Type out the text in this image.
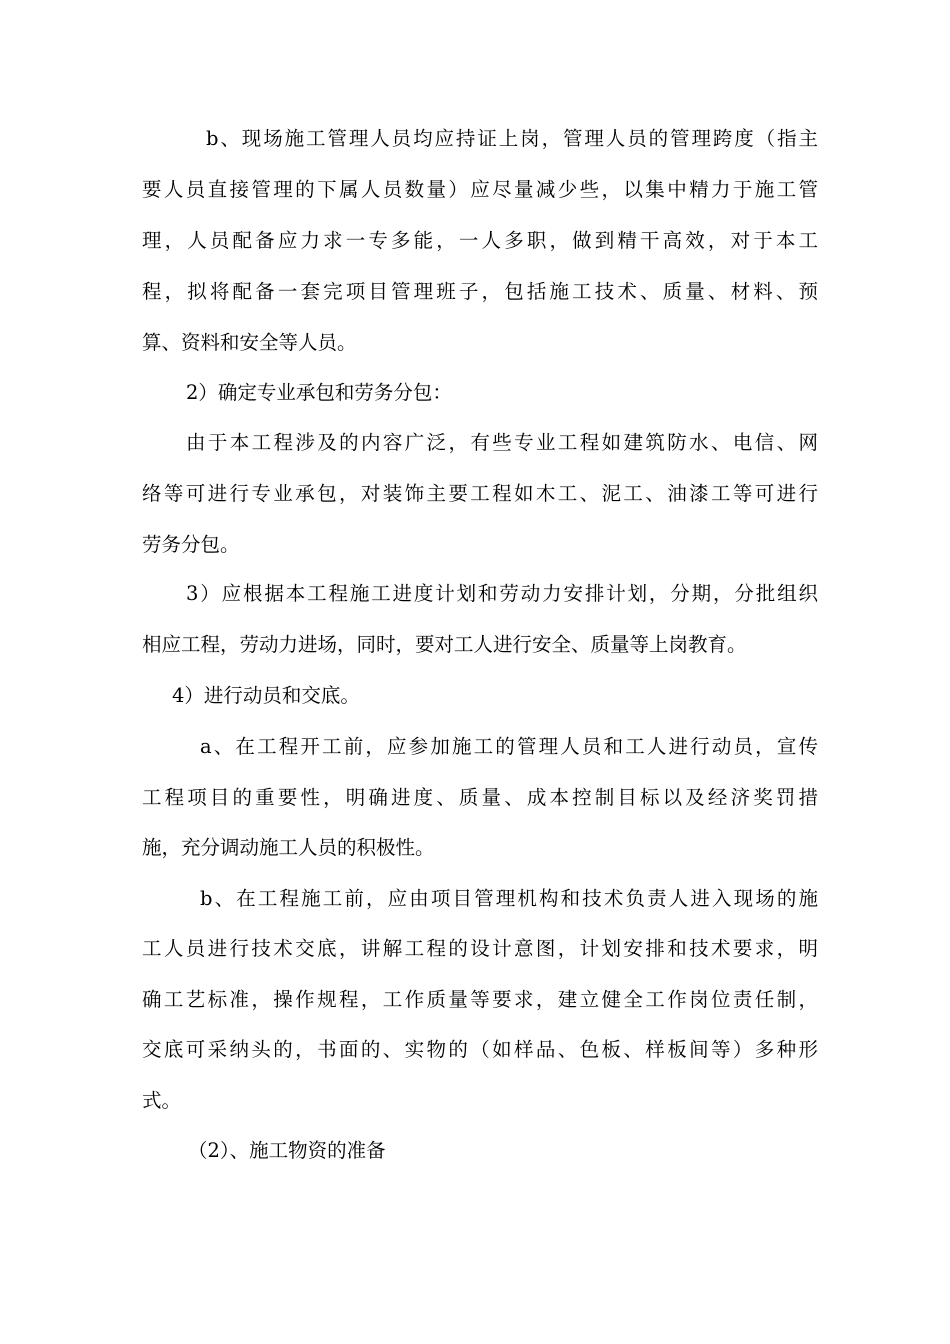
b、现场施工管理人员均应持证上岗，管理人员的管理跨度（指主
要人员直接管理的下属人员数量）应尽量减少些，以集中精力于施工管
理，人员配备应力求一专多能，一人多职，做到精干高效，对于本工
程，拟将配备一套完项目管理班子，包括施工技术、质量、材料、预
算、资料和安全等人员。
2）确定专业承包和劳务分包：
由于本工程涉及的内容广泛，有些专业工程如建筑防水、电信、网
络等可进行专业承包，对装饰主要工程如木工、泥工、油漆工等可进行
劳务分包。
3）应根据本工程施工进度计划和劳动力安排计划，分期，分批组织
相应工程，劳动力进场，同时，要对工人进行安全、质量等上岗教育。
4）进行动员和交底。
a、在工程开工前，应参加施工的管理人员和工人进行动员，宣传
工程项目的重要性，明确进度、质量、成本控制目标以及经济奖罚措
施，充分调动施工人员的积极性。
b、在工程施工前，应由项目管理机构和技术负责人进入现场的施
工人员进行技术交底，讲解工程的设计意图，计划安排和技术要求，明
确工艺标准，操作规程，工作质量等要求，建立健全工作岗位责任制，
交底可采纳头的，书面的、实物的（如样品、色板、样板间等）多种形
式。
（2）、施工物资的准备
